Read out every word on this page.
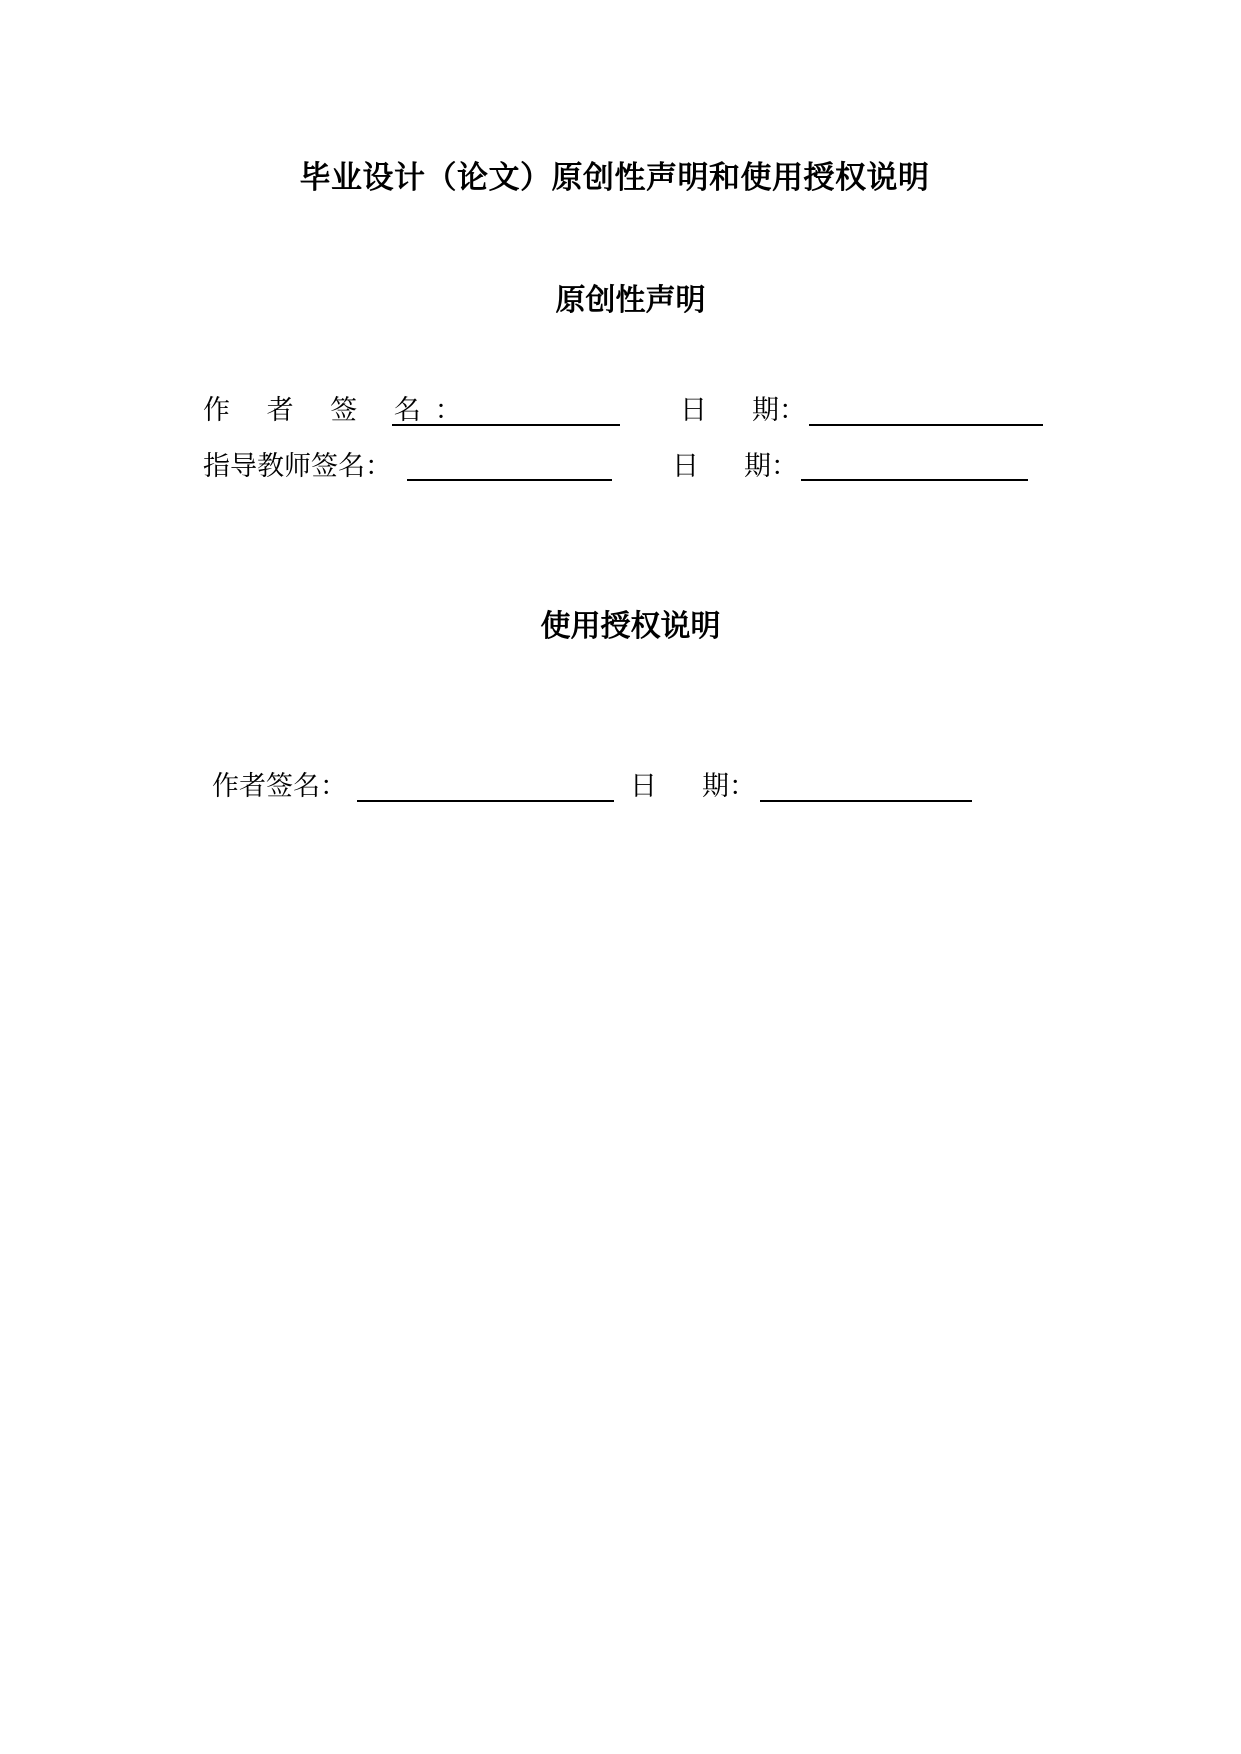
毕业设计（论文）原创性声明和使用授权说明
原创性声明
作 者 签 名：	日 期：
指导教师签名：	日 期：
使用授权说明
作者签名：	日 期：
